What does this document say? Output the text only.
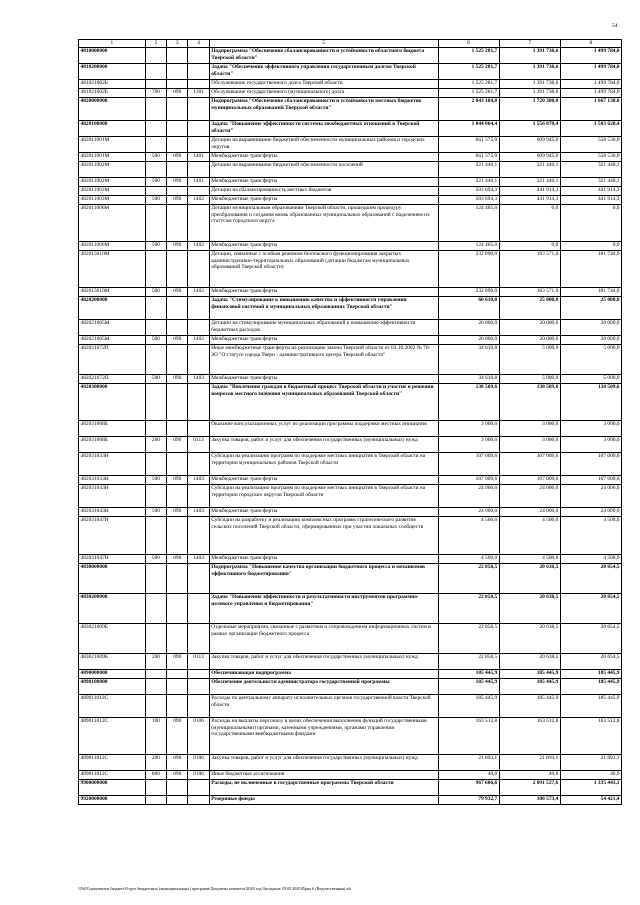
54
1	2	3	4	5	6	7	8
4810000000				Подпрограмма "Обеспечение сбалансированности и устойчивости областного бюджета Тверской области"	1 525 281,7	1 391 738,6	1 499 784,0
4810200000				Задача "Обеспечение эффективного управления государственным долгом Тверской области"	1 525 281,7	1 391 738,6	1 499 784,0
481021002Б				Обслуживание государственного долга Тверской области	1 525 281,7	1 391 738,6	1 499 784,0
481021002Б	700	090	1301	Обслуживание государственного (муниципального) долга	1 525 281,7	1 391 738,6	1 499 784,0
4820000000				Подпрограмма "Обеспечение сбалансированности и устойчивости местных бюджетов муниципальных образований Тверской области"	2 043 184,8	1 720 380,0	1 667 138,0
4820100000				Задача "Повышение эффективности системы межбюджетных отношений в Тверской области"	1 844 064,4	1 556 870,4	1 503 628,4
482011001М				Дотации на выравнивание бюджетной обеспеченности муниципальных районов и городских округов	661 575,0	609 945,0	558 530,0
482011001М	500	090	1401	Межбюджетные трансферты	661 575,0	609 945,0	558 530,0
482011002М				Дотации на выравнивание бюджетной обеспеченности поселений	321 440,1	321 440,1	321 440,1
482011002М	500	090	1401	Межбюджетные трансферты	321 440,1	321 440,1	321 440,1
482011003М				Дотации на сбалансированность местных бюджетов	503 694,3	441 914,3	441 914,3
482011003М	500	090	1402	Межбюджетные трансферты	503 694,3	441 914,3	441 914,3
482011006М				Дотации муниципальным образованиям Тверской области, прошедшим процедуру преобразования и создания вновь образованных муниципальных образований с наделением их статусом городского округа	124 465,0	0,0	0,0
482011006М	500	090	1402	Межбюджетные трансферты	124 465,0	0,0	0,0
482015010М				Дотации, связанные с особым режимом безопасного функционирования закрытых административно-территориальных образований (дотации бюджетам муниципальных образований Тверской области)	232 890,0	183 571,0	181 744,0
482015010М	500	090	1402	Межбюджетные трансферты	232 890,0	183 571,0	181 744,0
4820200000				Задача "Стимулирование к повышению качества и эффективности управления финансовой системой в муниципальных образованиях Тверской области"	60 610,8	25 000,0	25 000,0
482021005М				Дотации на стимулирование муниципальных образований к повышению эффективности бюджетных расходов	26 000,0	20 000,0	20 000,0
482021005М	500	090	1402	Межбюджетные трансферты	26 000,0	20 000,0	20 000,0
482021072П				Иные межбюджетные трансферты на реализацию закона Тверской области от 03.10.2002 № 70-ЗО "О статусе города Твери - административного центра Тверской области"	34 610,8	5 000,0	5 000,0
482021072П	500	090	1403	Межбюджетные трансферты	34 610,8	5 000,0	5 000,0
4820300000				Задача "Вовлечение граждан в бюджетный процесс Тверской области и участие в решении вопросов местного значения муниципальных образований Тверской области"	138 509,6	138 509,6	138 509,6
482031008Б				Оказание консультационных услуг по реализации программы поддержки местных инициатив	3 000,0	3 000,0	3 000,0
482031008Б	200	090	0113	Закупка товаров, работ и услуг для обеспечения государственных (муниципальных) нужд	3 000,0	3 000,0	3 000,0
482031033Н				Субсидии на реализацию программ по поддержке местных инициатив в Тверской области на территории муниципальных районов Тверской области	107 009,6	107 009,6	107 009,6
482031033Н	500	090	1403	Межбюджетные трансферты	107 009,6	107 009,6	107 009,6
482031043Н				Субсидии на реализацию программ по поддержке местных инициатив в Тверской области на территории городских округов Тверской области	24 000,0	24 000,0	24 000,0
482031043Н	500	090	1403	Межбюджетные трансферты	24 000,0	24 000,0	24 000,0
482031047Н				Субсидии на разработку и реализацию комплексных программ стратегического развития сельских поселений Тверской области, сформированных при участии локальных сообществ	4 500,0	4 500,0	4 500,0
482031047Н	500	090	1403	Межбюджетные трансферты	4 500,0	4 500,0	4 500,0
4830000000				Подпрограмма "Повышение качества организации бюджетного процесса и механизмов эффективного бюджетирования"	22 858,5	20 638,5	20 654,5
4830200000				Задача "Повышение эффективности и результативности инструментов программно-целевого управления и бюджетирования"	22 858,5	20 638,5	20 654,5
483021009Б				Отдельные мероприятия, связанные с развитием и сопровождением информационных систем в рамках организации бюджетного процесса	22 858,5	20 638,5	20 654,5
483021009Б	200	090	0113	Закупка товаров, работ и услуг для обеспечения государственных (муниципальных) нужд	22 858,5	20 638,5	20 654,5
4890000000				Обеспечивающая подпрограмма	185 445,9	185 445,9	185 445,9
4890100000				Обеспечение деятельности администратора государственной программы	185 445,9	185 445,9	185 445,9
489011012С				Расходы по центральному аппарату исполнительных органов государственной власти Тверской области	185 445,9	185 445,9	185 445,9
489011012С	100	090	0106	Расходы на выплаты персоналу в целях обеспечения выполнения функций государственными (муниципальными) органами, казенными учреждениями, органами управления государственными внебюджетными фондами	163 512,8	163 512,8	163 512,8
489011012С	200	090	0106	Закупка товаров, работ и услуг для обеспечения государственных (муниципальных) нужд	21 893,1	21 893,1	21 893,1
489011012С	800	090	0106	Иные бюджетные ассигнования	40,0	40,0	40,0
9900000000				Расходы, не включенные в государственные программы Тверской области	967 606,6	2 091 527,6	1 335 443,1
9920000000				Резервные фонды	79 932,7	100 573,4	54 421,4
\\Fs03\документы бюджет\Отдел бюджетных (муниципальных) программ\Документ комитета\2020 год\Заседание 29.05.2020\Прил 6 (Ведомственная).xls
